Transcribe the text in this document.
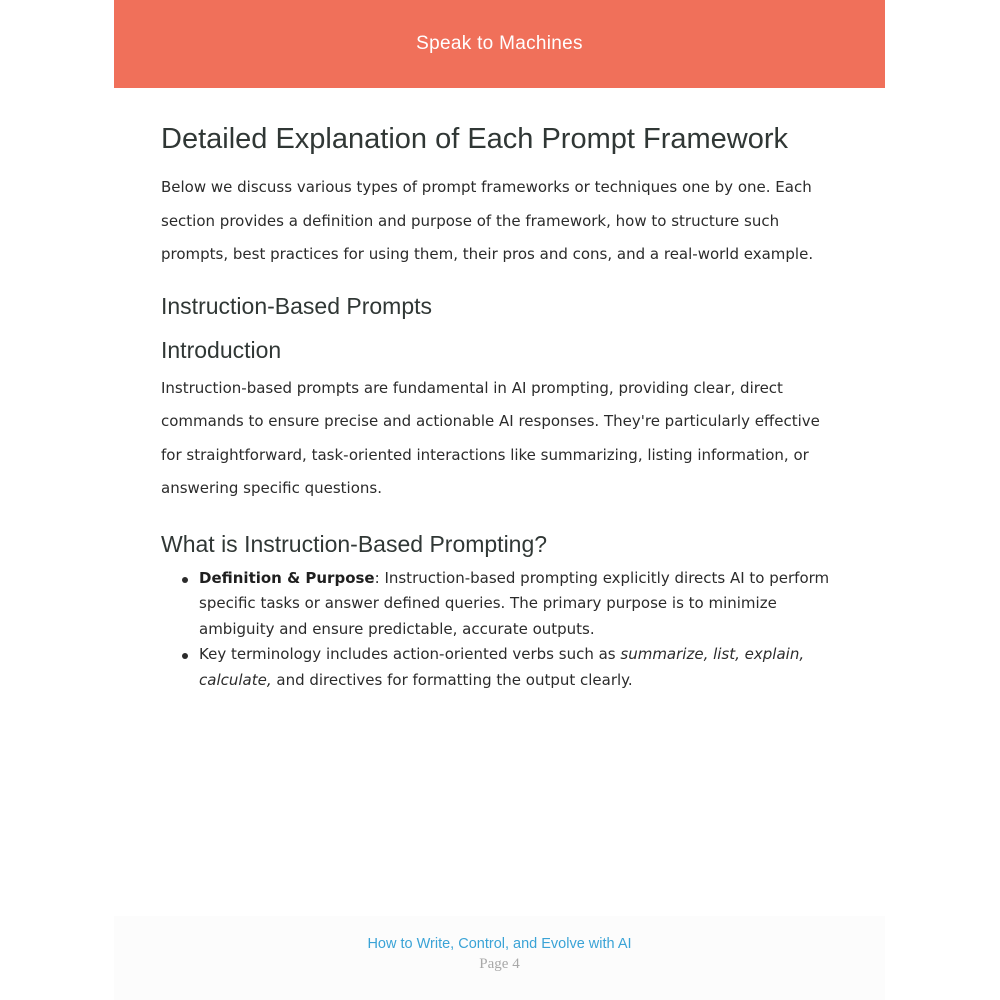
Speak to Machines
Detailed Explanation of Each Prompt Framework

Below we discuss various types of prompt frameworks or techniques one by one. Each section provides a definition and purpose of the framework, how to structure such prompts, best practices for using them, their pros and cons, and a real-world example.

Instruction-Based Prompts
Introduction

Instruction-based prompts are fundamental in AI prompting, providing clear, direct commands to ensure precise and actionable AI responses. They're particularly effective for straightforward, task-oriented interactions like summarizing, listing information, or answering specific questions.

What is Instruction-Based Prompting?
Definition & Purpose: Instruction-based prompting explicitly directs AI to perform specific tasks or answer defined queries. The primary purpose is to minimize ambiguity and ensure predictable, accurate outputs.
Key terminology includes action-oriented verbs such as summarize, list, explain, calculate, and directives for formatting the output clearly.
How to Write, Control, and Evolve with AI
Page 4
